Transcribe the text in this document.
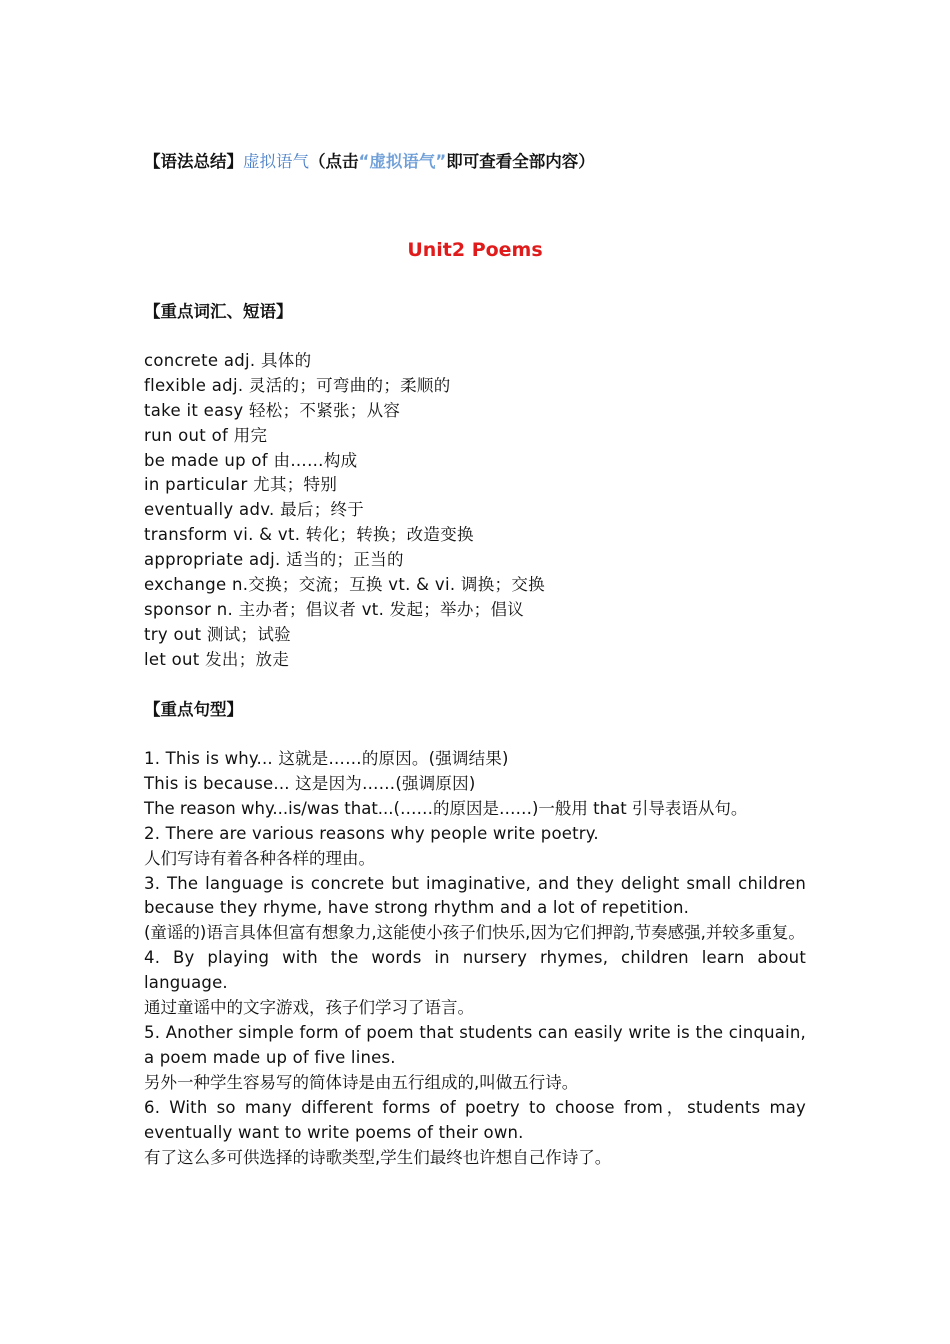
【语法总结】虚拟语气（点击“虚拟语气”即可查看全部内容）
Unit2 Poems
【重点词汇、短语】
concrete adj. 具体的
flexible adj. 灵活的；可弯曲的；柔顺的
take it easy 轻松；不紧张；从容
run out of 用完
be made up of 由……构成
in particular 尤其；特别
eventually adv. 最后；终于
transform vi. & vt. 转化；转换；改造变换
appropriate adj. 适当的；正当的
exchange n.交换；交流；互换 vt. & vi. 调换；交换
sponsor n. 主办者；倡议者 vt. 发起；举办；倡议
try out 测试；试验
let out 发出；放走
【重点句型】

1. This is why... 这就是……的原因。(强调结果)

This is because... 这是因为……(强调原因)

The reason why...is/was that...(……的原因是……)一般用 that 引导表语从句。

2. There are various reasons why people write poetry.

人们写诗有着各种各样的理由。

3. The language is concrete but imaginative, and they delight small children because they rhyme, have strong rhythm and a lot of repetition.

(童谣的)语言具体但富有想象力,这能使小孩子们快乐,因为它们押韵,节奏感强,并较多重复。

4. By playing with the words in nursery rhymes, children learn about language.

通过童谣中的文字游戏，孩子们学习了语言。

5. Another simple form of poem that students can easily write is the cinquain, a poem made up of five lines.

另外一种学生容易写的简体诗是由五行组成的,叫做五行诗。

6. With so many different forms of poetry to choose from，students may eventually want to write poems of their own.

有了这么多可供选择的诗歌类型,学生们最终也许想自己作诗了。
